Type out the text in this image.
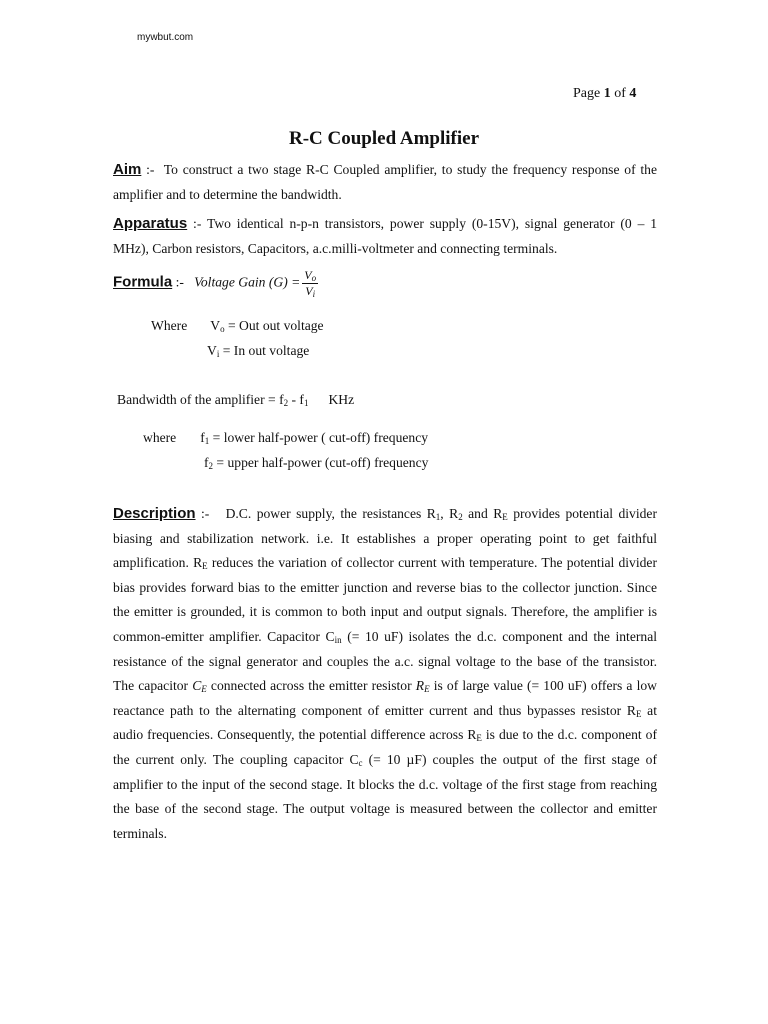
mywbut.com
Page 1 of 4
R-C Coupled Amplifier
Aim :- To construct a two stage R-C Coupled amplifier, to study the frequency response of the amplifier and to determine the bandwidth.
Apparatus :- Two identical n-p-n transistors, power supply (0-15V), signal generator (0 – 1 MHz), Carbon resistors, Capacitors, a.c.milli-voltmeter and connecting terminals.
Formula :- Voltage Gain $(G) = \frac{V_o}{V_i}$
Where $V_o$ = Out out voltage
$V_i = In$ out voltage
Bandwidth of the amplifier = $f_2 - f_1$ KHz
where $f_1$ = lower half-power ( cut-off) frequency
$f_2$ = upper half-power (cut-off) frequency
Description :- D.C. power supply, the resistances $R_1$, $R_2$ and $R_E$ provides potential divider biasing and stabilization network. i.e. It establishes a proper operating point to get faithful amplification. $R_E$ reduces the variation of collector current with temperature. The potential divider bias provides forward bias to the emitter junction and reverse bias to the collector junction. Since the emitter is grounded, it is common to both input and output signals. Therefore, the amplifier is common-emitter amplifier. Capacitor $C_{in}$ (= 10 uF) isolates the d.c. component and the internal resistance of the signal generator and couples the a.c. signal voltage to the base of the transistor. The capacitor $C_E$ connected across the emitter resistor $R_E$ is of large value (= 100 uF) offers a low reactance path to the alternating component of emitter current and thus bypasses resistor $R_E$ at audio frequencies. Consequently, the potential difference across $R_E$ is due to the d.c. component of the current only. The coupling capacitor $C_c$ (= 10 µF) couples the output of the first stage of amplifier to the input of the second stage. It blocks the d.c. voltage of the first stage from reaching the base of the second stage. The output voltage is measured between the collector and emitter terminals.
